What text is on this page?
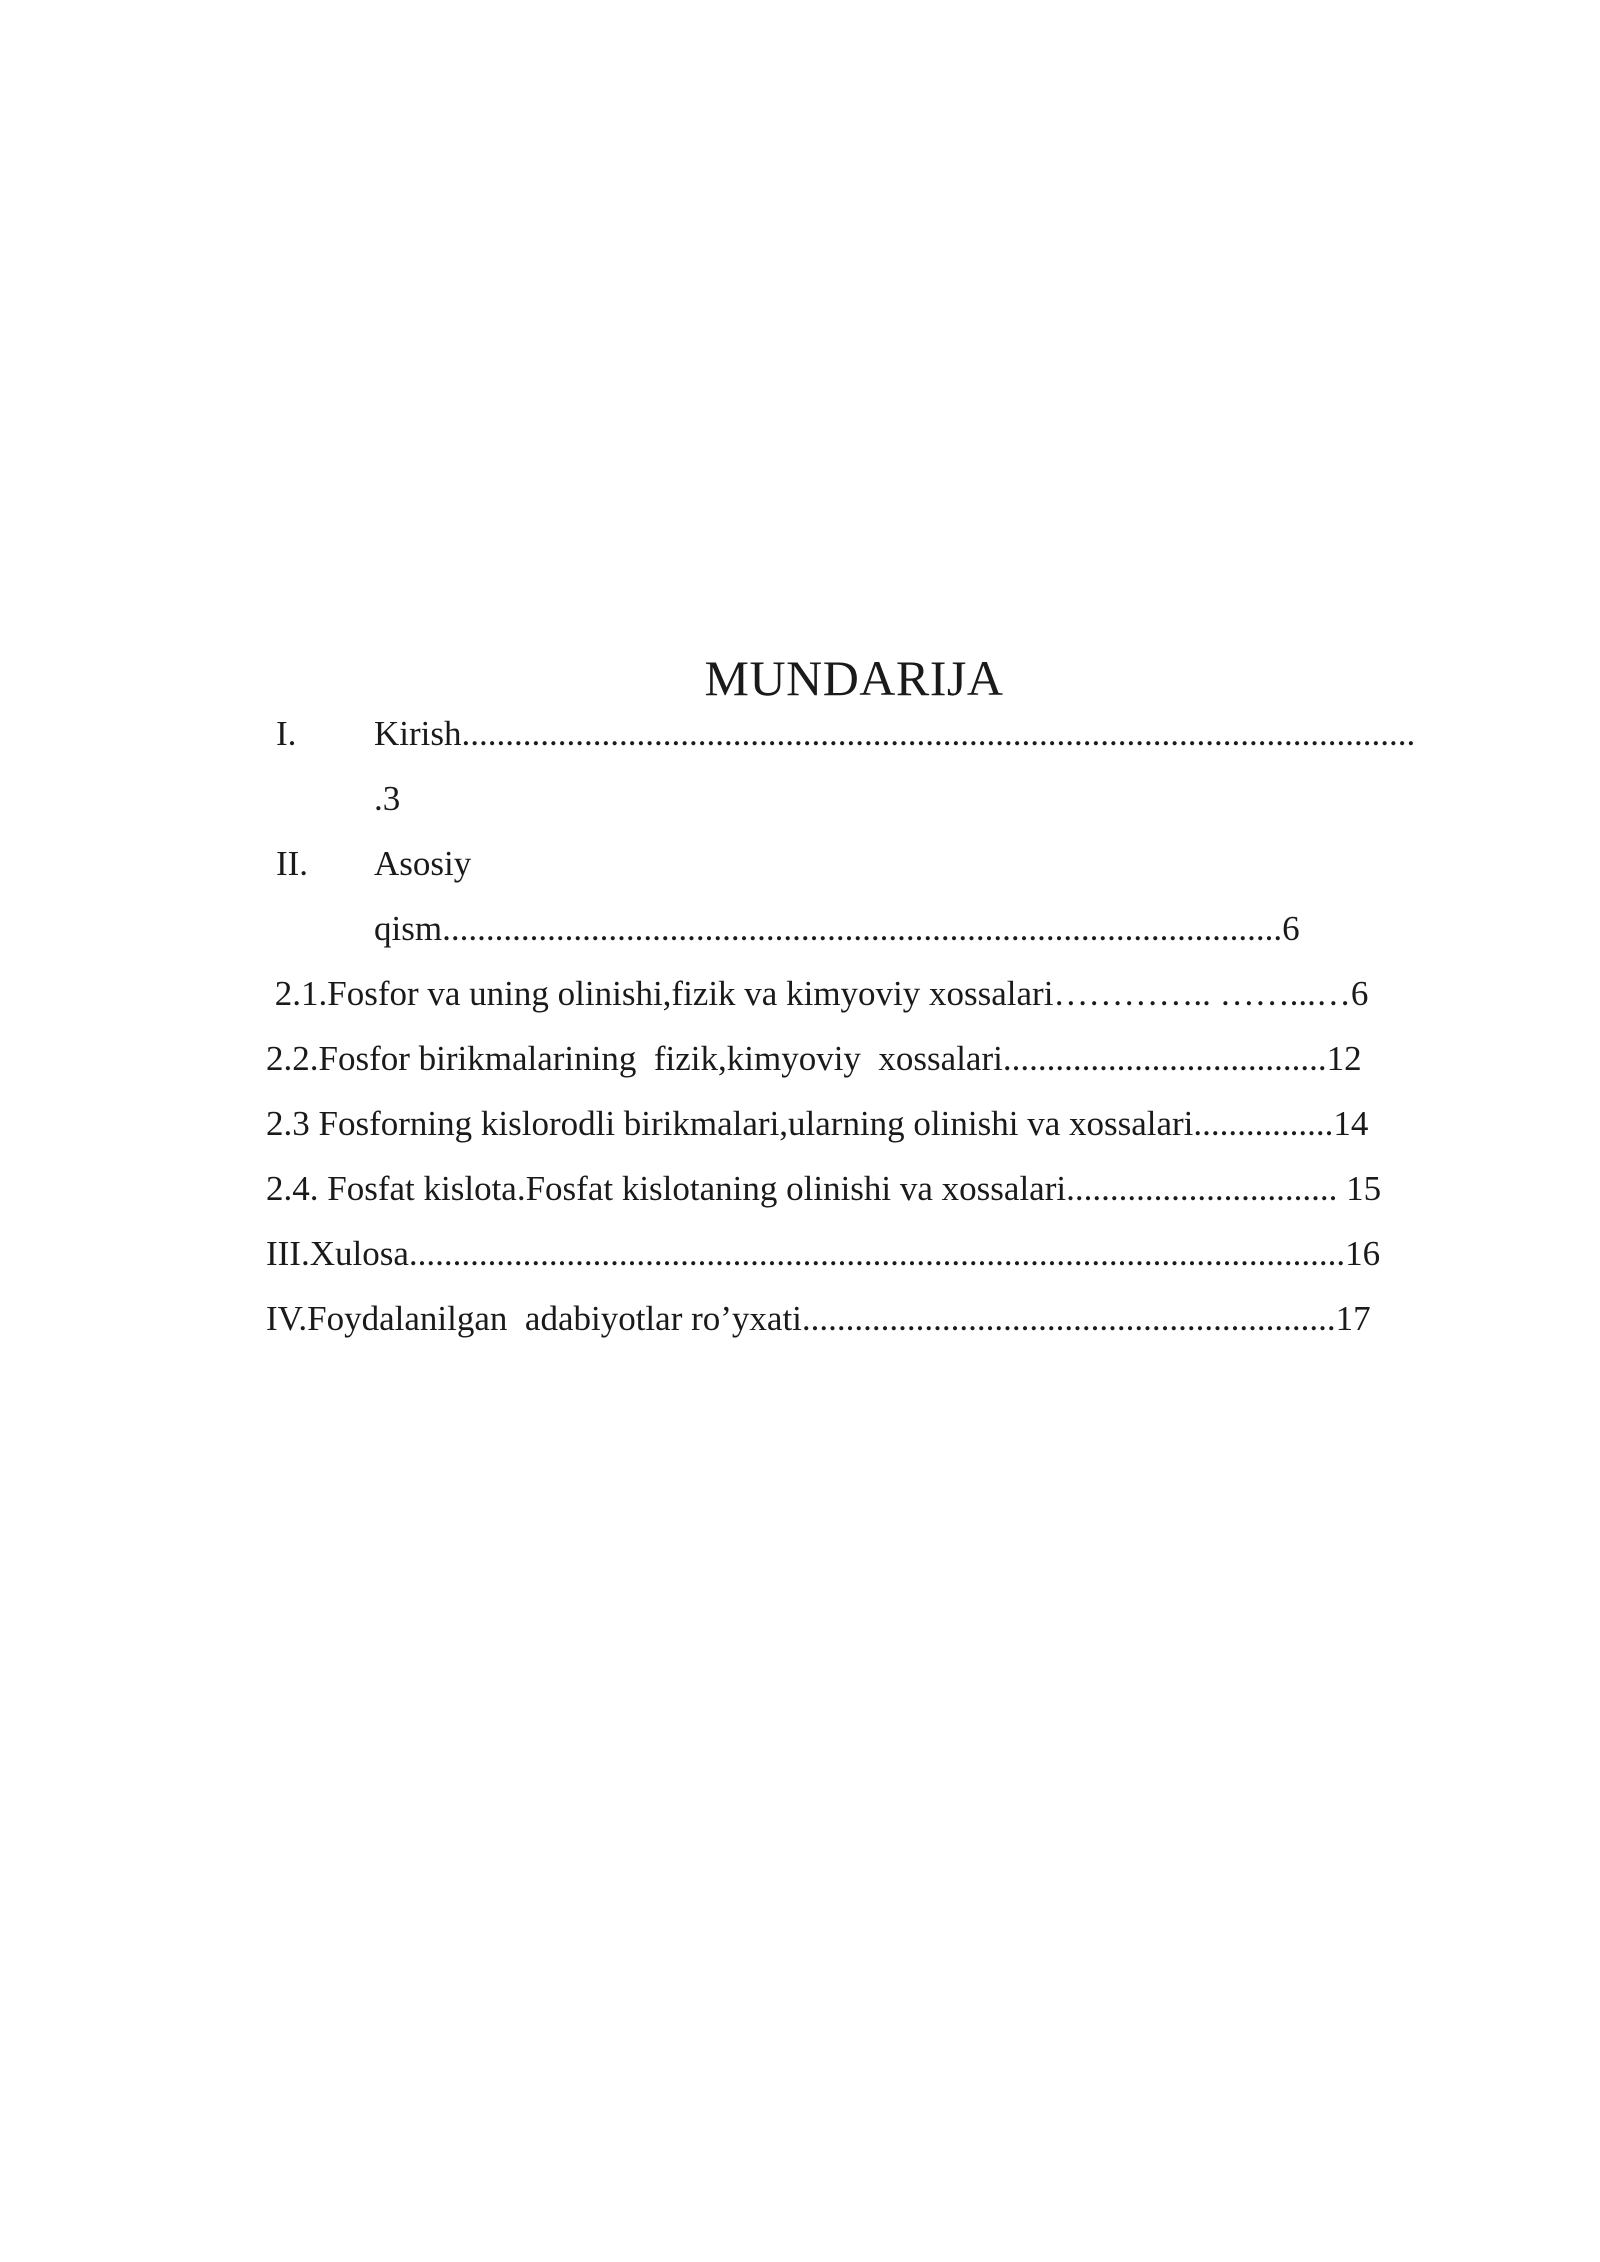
MUNDARIJA
I. Kirish.............................................................................................................
.3
II. Asosiy
qism................................................................................................6
2.1.Fosfor va uning olinishi,fizik va kimyoviy xossalari………….. ……...…6
2.2.Fosfor birikmalarining  fizik,kimyoviy  xossalari.....................................12
2.3 Fosforning kislorodli birikmalari,ularning olinishi va xossalari................14
2.4. Fosfat kislota.Fosfat kislotaning olinishi va xossalari............................... 15
III.Xulosa...........................................................................................................16
IV.Foydalanilgan  adabiyotlar ro’yxati.............................................................17
